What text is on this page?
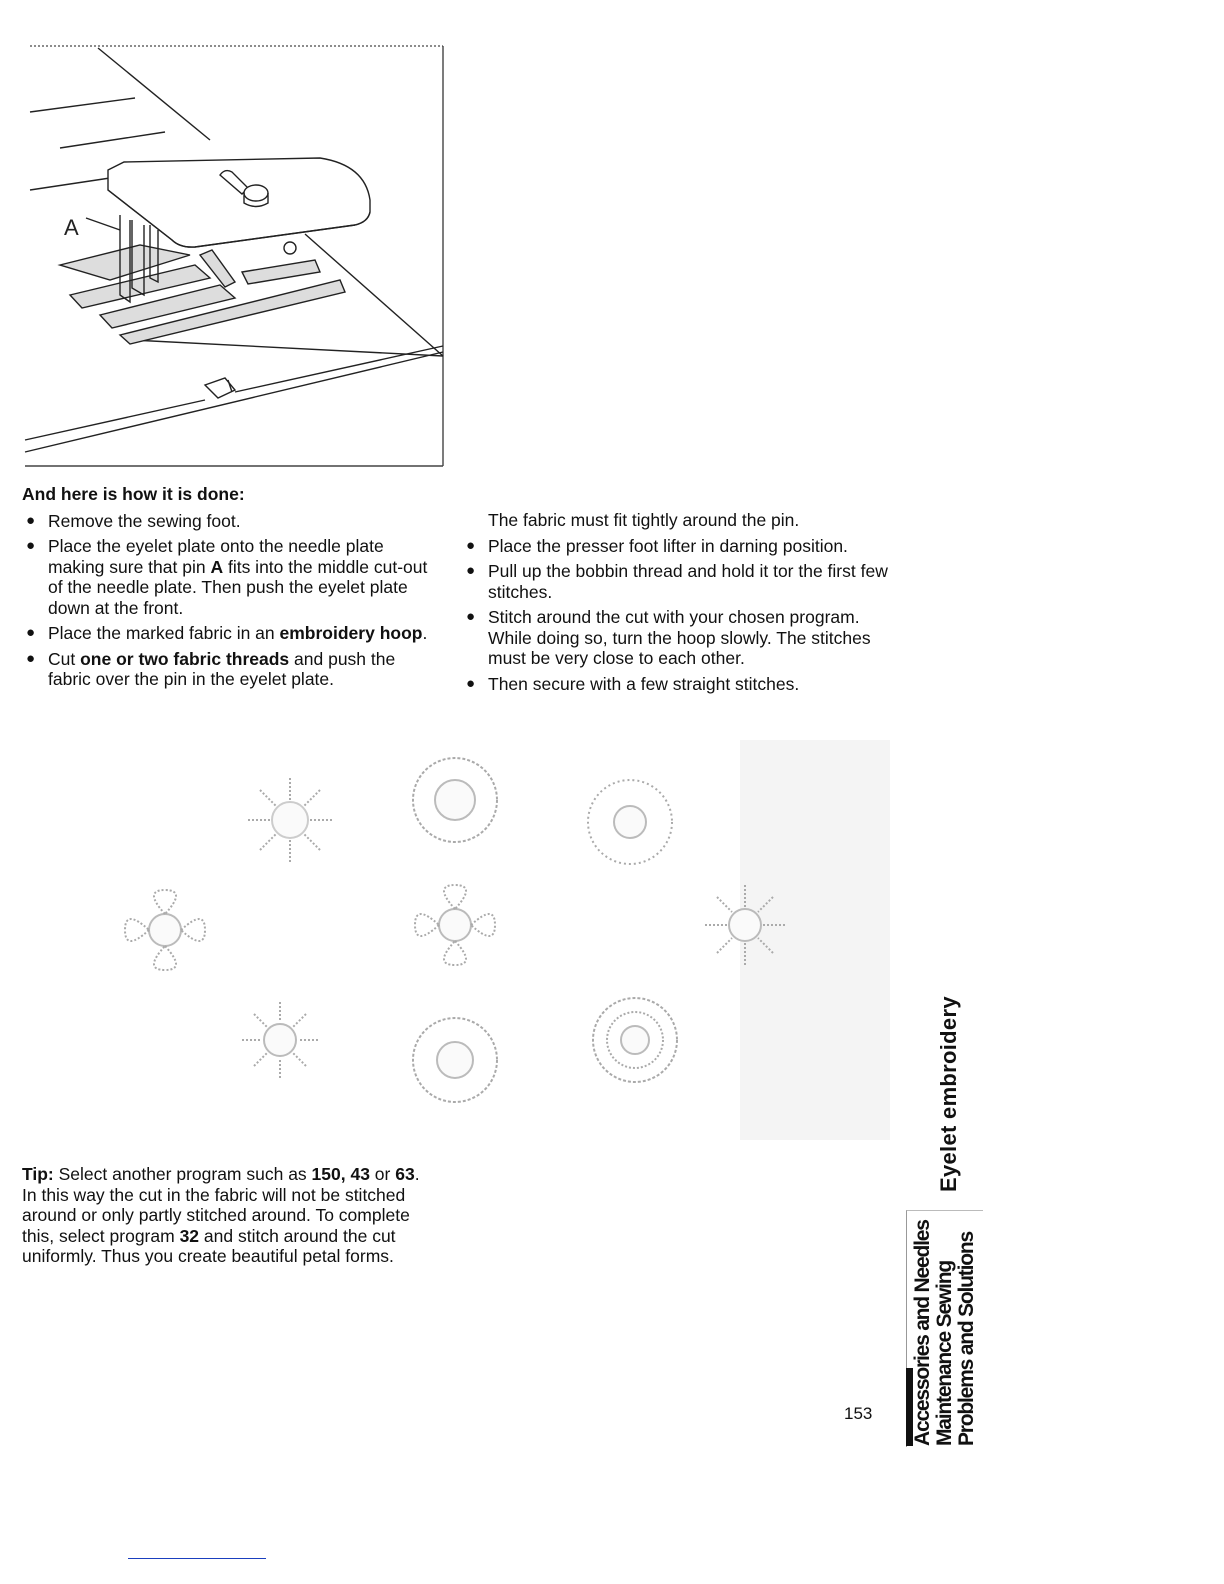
A
And here is how it is done:
● Remove the sewing foot.
● Place the eyelet plate onto the needle plate making sure that pin A fits into the middle cut-out of the needle plate. Then push the eyelet plate down at the front.
● Place the marked fabric in an embroidery hoop.
● Cut one or two fabric threads and push the fabric over the pin in the eyelet plate.
The fabric must fit tightly around the pin.
● Place the presser foot lifter in darning position.
● Pull up the bobbin thread and hold it tor the first few stitches.
● Stitch around the cut with your chosen program. While doing so, turn the hoop slowly. The stitches must be very close to each other.
● Then secure with a few straight stitches.
Tip: Select another program such as 150, 43 or 63. In this way the cut in the fabric will not be stitched around or only partly stitched around. To complete this, select program 32 and stitch around the cut uniformly. Thus you create beautiful petal forms.
Eyelet embroidery
Accessories and Needles Maintenance Sewing Problems and Solutions
153
